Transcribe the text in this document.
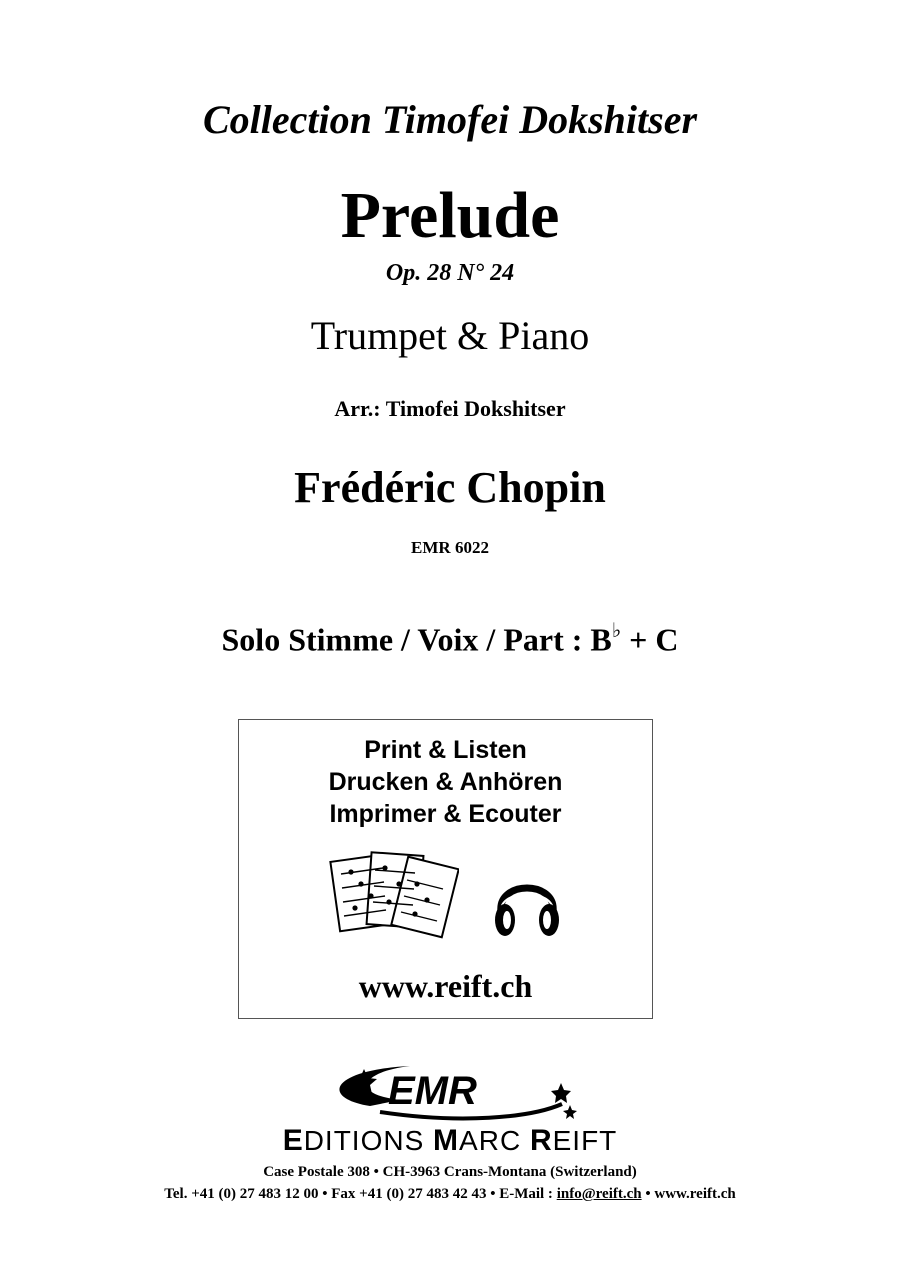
Collection Timofei Dokshitser
Prelude
Op. 28 N° 24
Trumpet & Piano
Arr.: Timofei Dokshitser
Frédéric Chopin
EMR 6022
Solo Stimme / Voix / Part : B♭ + C
Print & Listen
Drucken & Anhören
Imprimer & Ecouter
www.reift.ch
EMR
EDITIONS MARC REIFT
Case Postale 308 • CH-3963 Crans-Montana (Switzerland)
Tel. +41 (0) 27 483 12 00 • Fax +41 (0) 27 483 42 43 • E-Mail : info@reift.ch • www.reift.ch
